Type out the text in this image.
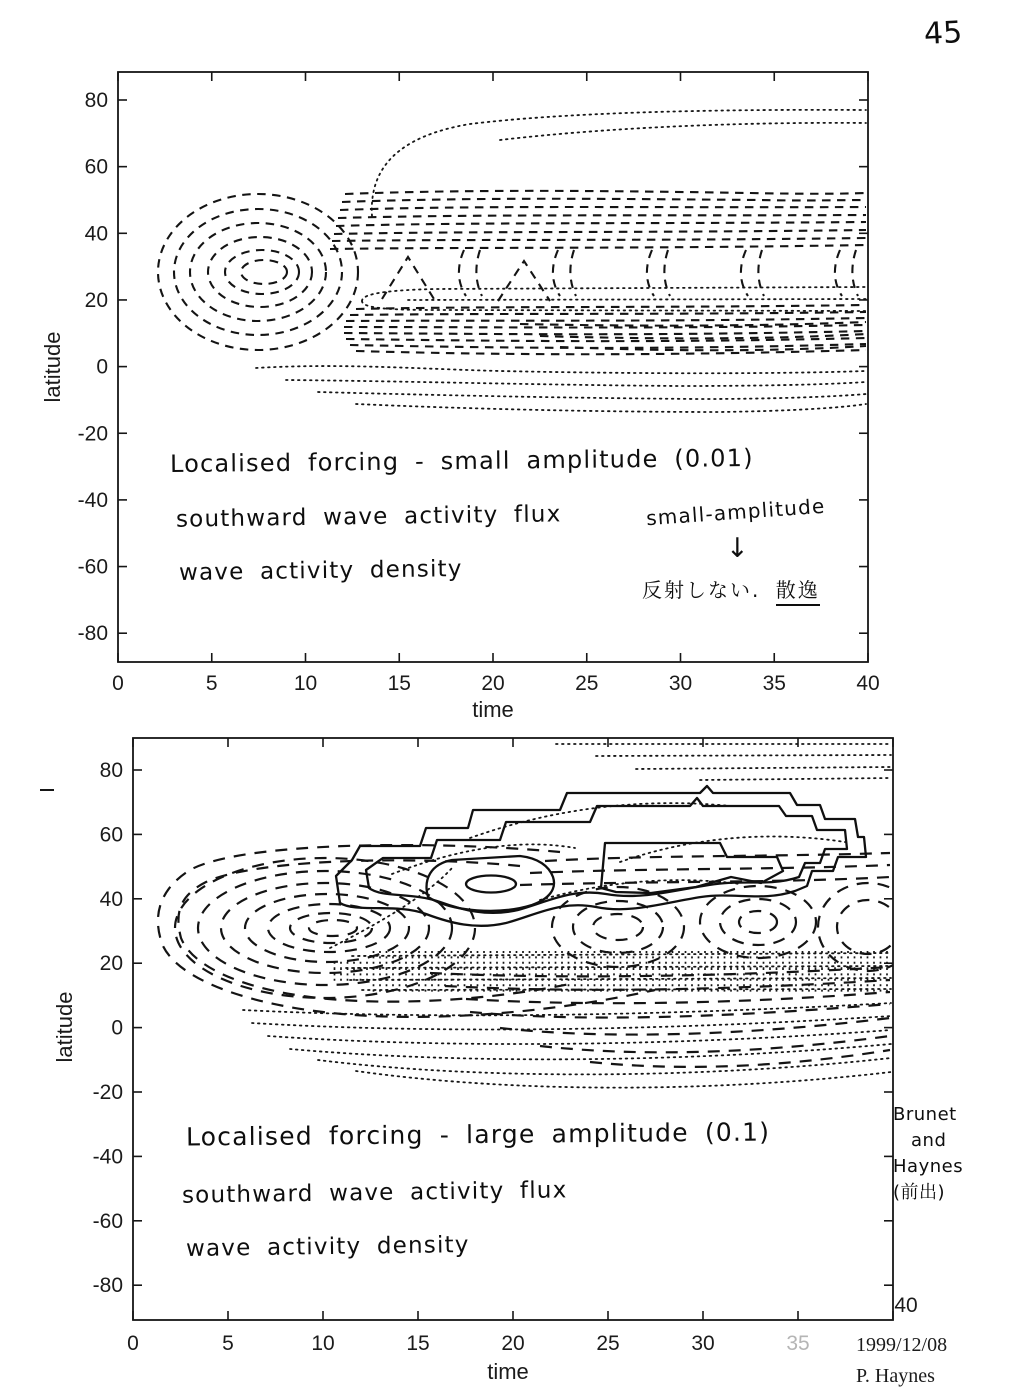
0	5	10	15	20	25	30	35	40
80
60
40
20
0
-20
-40
-60
-80
time
latitude
0	5	10	15	20	25	30	35
40
80
60
40
20
0
-20
-40
-60
-80
time
latitude
Localised forcing - small amplitude (0.01)
southward wave activity flux
wave activity density
small-amplitude
↓
反射しない. 散逸
Localised forcing - large amplitude (0.1)
southward wave activity flux
wave activity density
Brunet
and
Haynes
(前出)
1999/12/08
P. Haynes
45
